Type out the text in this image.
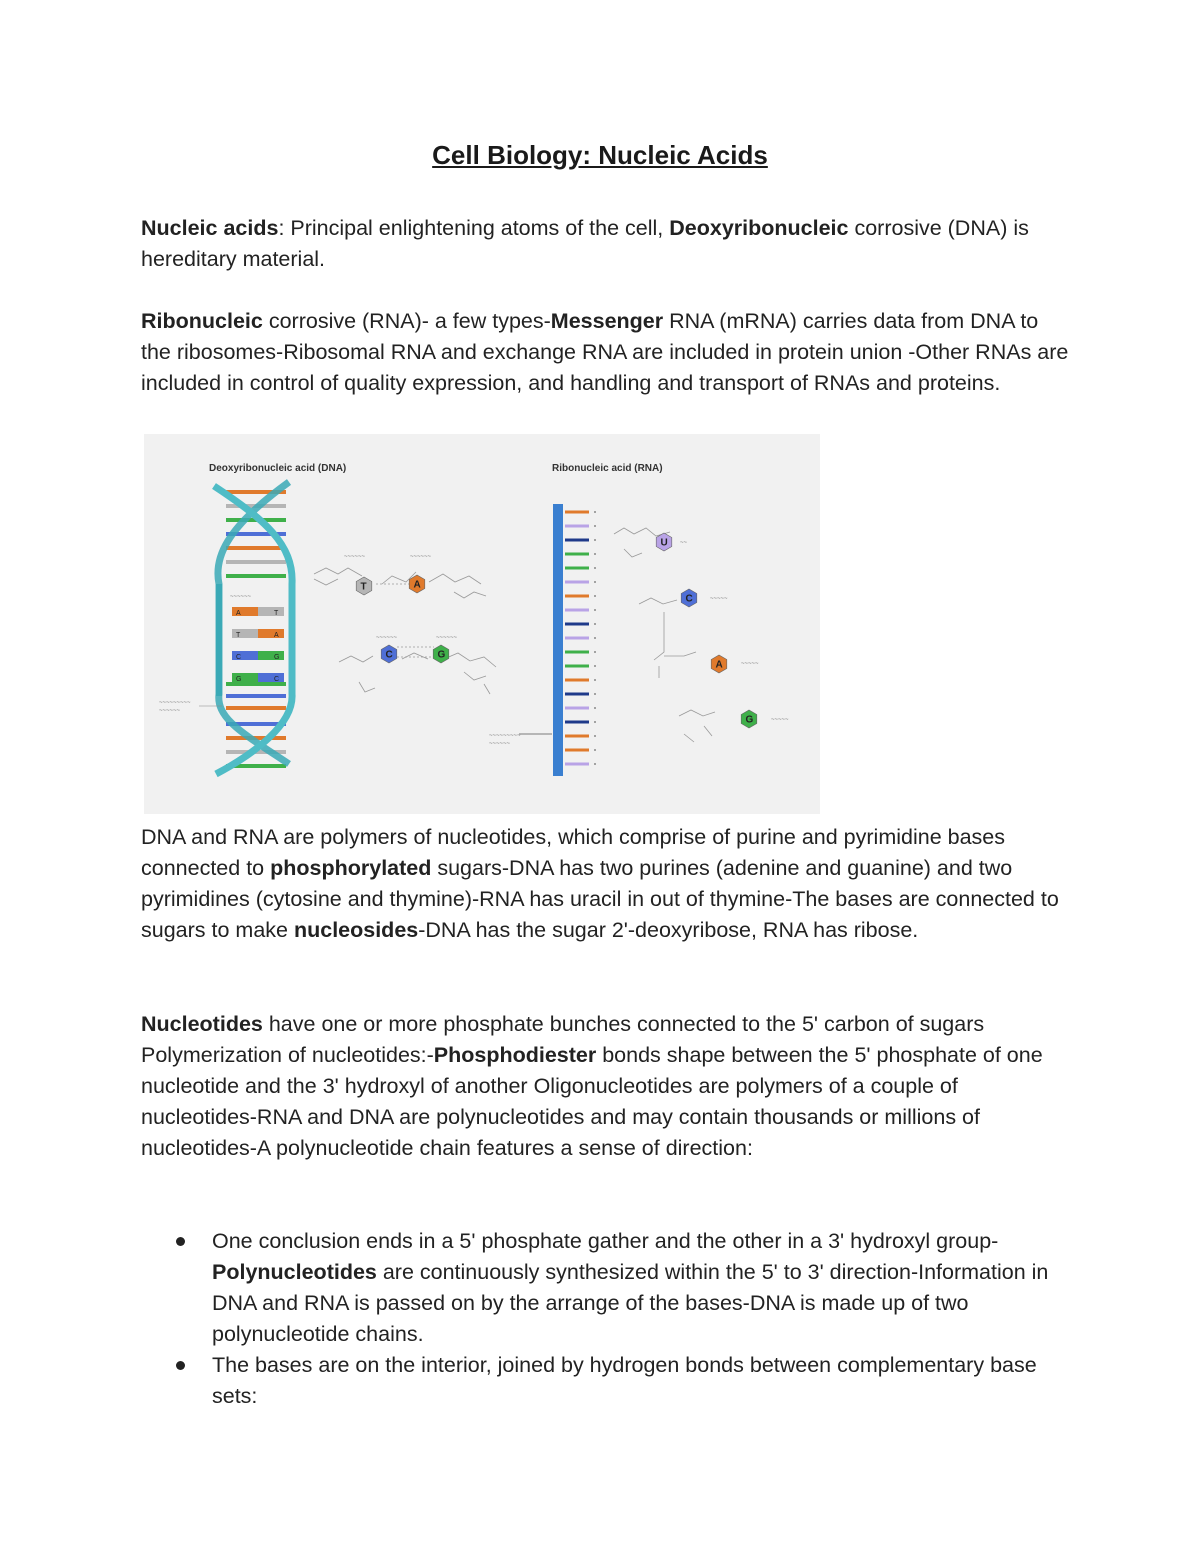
Cell Biology: Nucleic Acids

Nucleic acids: Principal enlightening atoms of the cell, Deoxyribonucleic corrosive (DNA) is hereditary material.

Ribonucleic corrosive (RNA)- a few types-Messenger RNA (mRNA) carries data from DNA to the ribosomes-Ribosomal RNA and exchange RNA are included in protein union -Other RNAs are included in control of quality expression, and handling and transport of RNAs and proteins.

Deoxyribonucleic acid (DNA)	Ribonucleic acid (RNA)
A	T
T	A
C	G
G	C
~~~~~~
~~~~~~~~~
~~~~~~
~~~~~~	~~~~~~
~~~~~~	~~~~~~
T	A
C	G
~~~~~~~~~
~~~~~~
U
C
A
G
~~~~~
~~~~~
~~~~~
~~

DNA and RNA are polymers of nucleotides, which comprise of purine and pyrimidine bases connected to phosphorylated sugars-DNA has two purines (adenine and guanine) and two pyrimidines (cytosine and thymine)-RNA has uracil in out of thymine-The bases are connected to sugars to make nucleosides-DNA has the sugar 2'-deoxyribose, RNA has ribose.

Nucleotides have one or more phosphate bunches connected to the 5' carbon of sugars Polymerization of nucleotides:-Phosphodiester bonds shape between the 5' phosphate of one nucleotide and the 3' hydroxyl of another Oligonucleotides are polymers of a couple of nucleotides-RNA and DNA are polynucleotides and may contain thousands or millions of nucleotides-A polynucleotide chain features a sense of direction:

One conclusion ends in a 5' phosphate gather and the other in a 3' hydroxyl group-Polynucleotides are continuously synthesized within the 5' to 3' direction-Information in DNA and RNA is passed on by the arrange of the bases-DNA is made up of two polynucleotide chains.
The bases are on the interior, joined by hydrogen bonds between complementary base sets:
